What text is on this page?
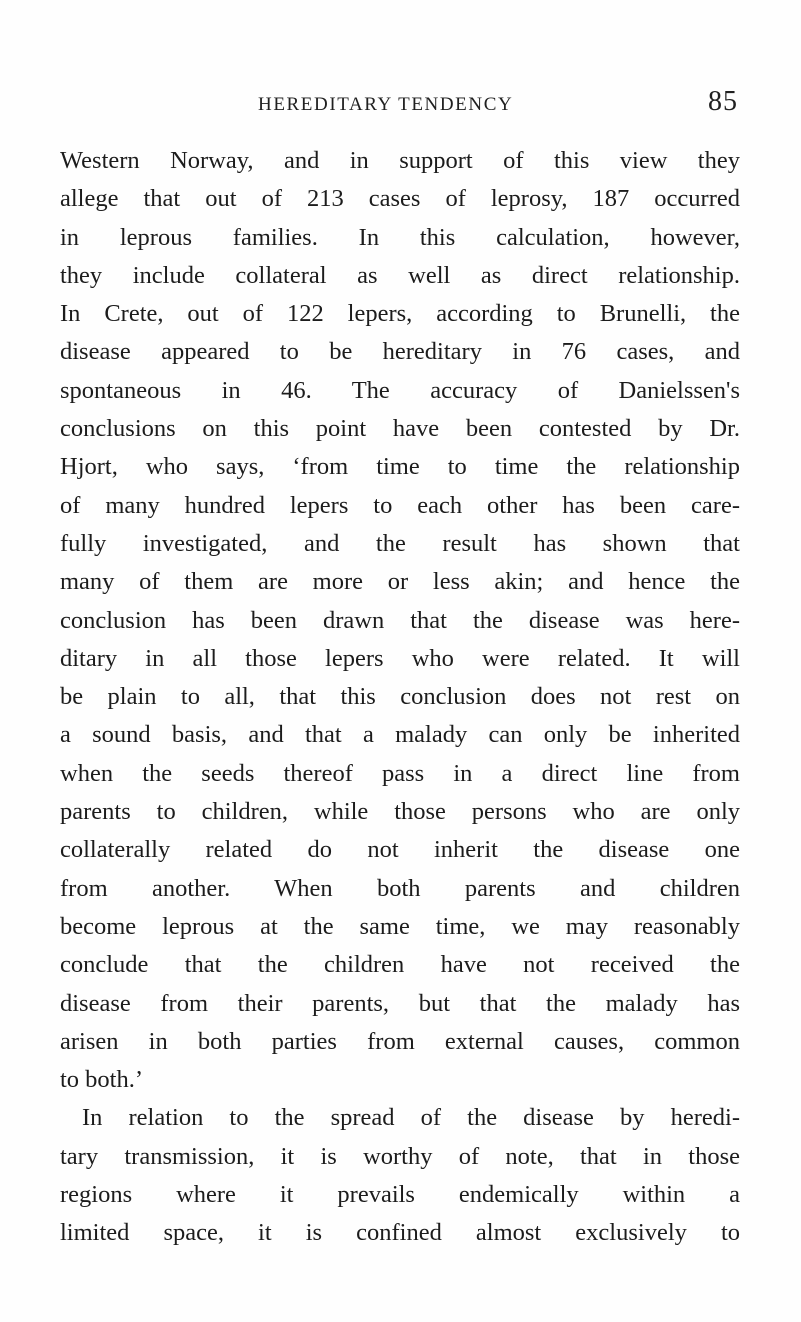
HEREDITARY TENDENCY	85
Western Norway, and in support of this view they
allege that out of 213 cases of leprosy, 187 occurred
in leprous families. In this calculation, however,
they include collateral as well as direct relationship.
In Crete, out of 122 lepers, according to Brunelli, the
disease appeared to be hereditary in 76 cases, and
spontaneous in 46. The accuracy of Danielssen's
conclusions on this point have been contested by Dr.
Hjort, who says, ‘from time to time the relationship
of many hundred lepers to each other has been care-
fully investigated, and the result has shown that
many of them are more or less akin; and hence the
conclusion has been drawn that the disease was here-
ditary in all those lepers who were related. It will
be plain to all, that this conclusion does not rest on
a sound basis, and that a malady can only be inherited
when the seeds thereof pass in a direct line from
parents to children, while those persons who are only
collaterally related do not inherit the disease one
from another. When both parents and children
become leprous at the same time, we may reasonably
conclude that the children have not received the
disease from their parents, but that the malady has
arisen in both parties from external causes, common
to both.’
In relation to the spread of the disease by heredi-
tary transmission, it is worthy of note, that in those
regions where it prevails endemically within a
limited space, it is confined almost exclusively to
